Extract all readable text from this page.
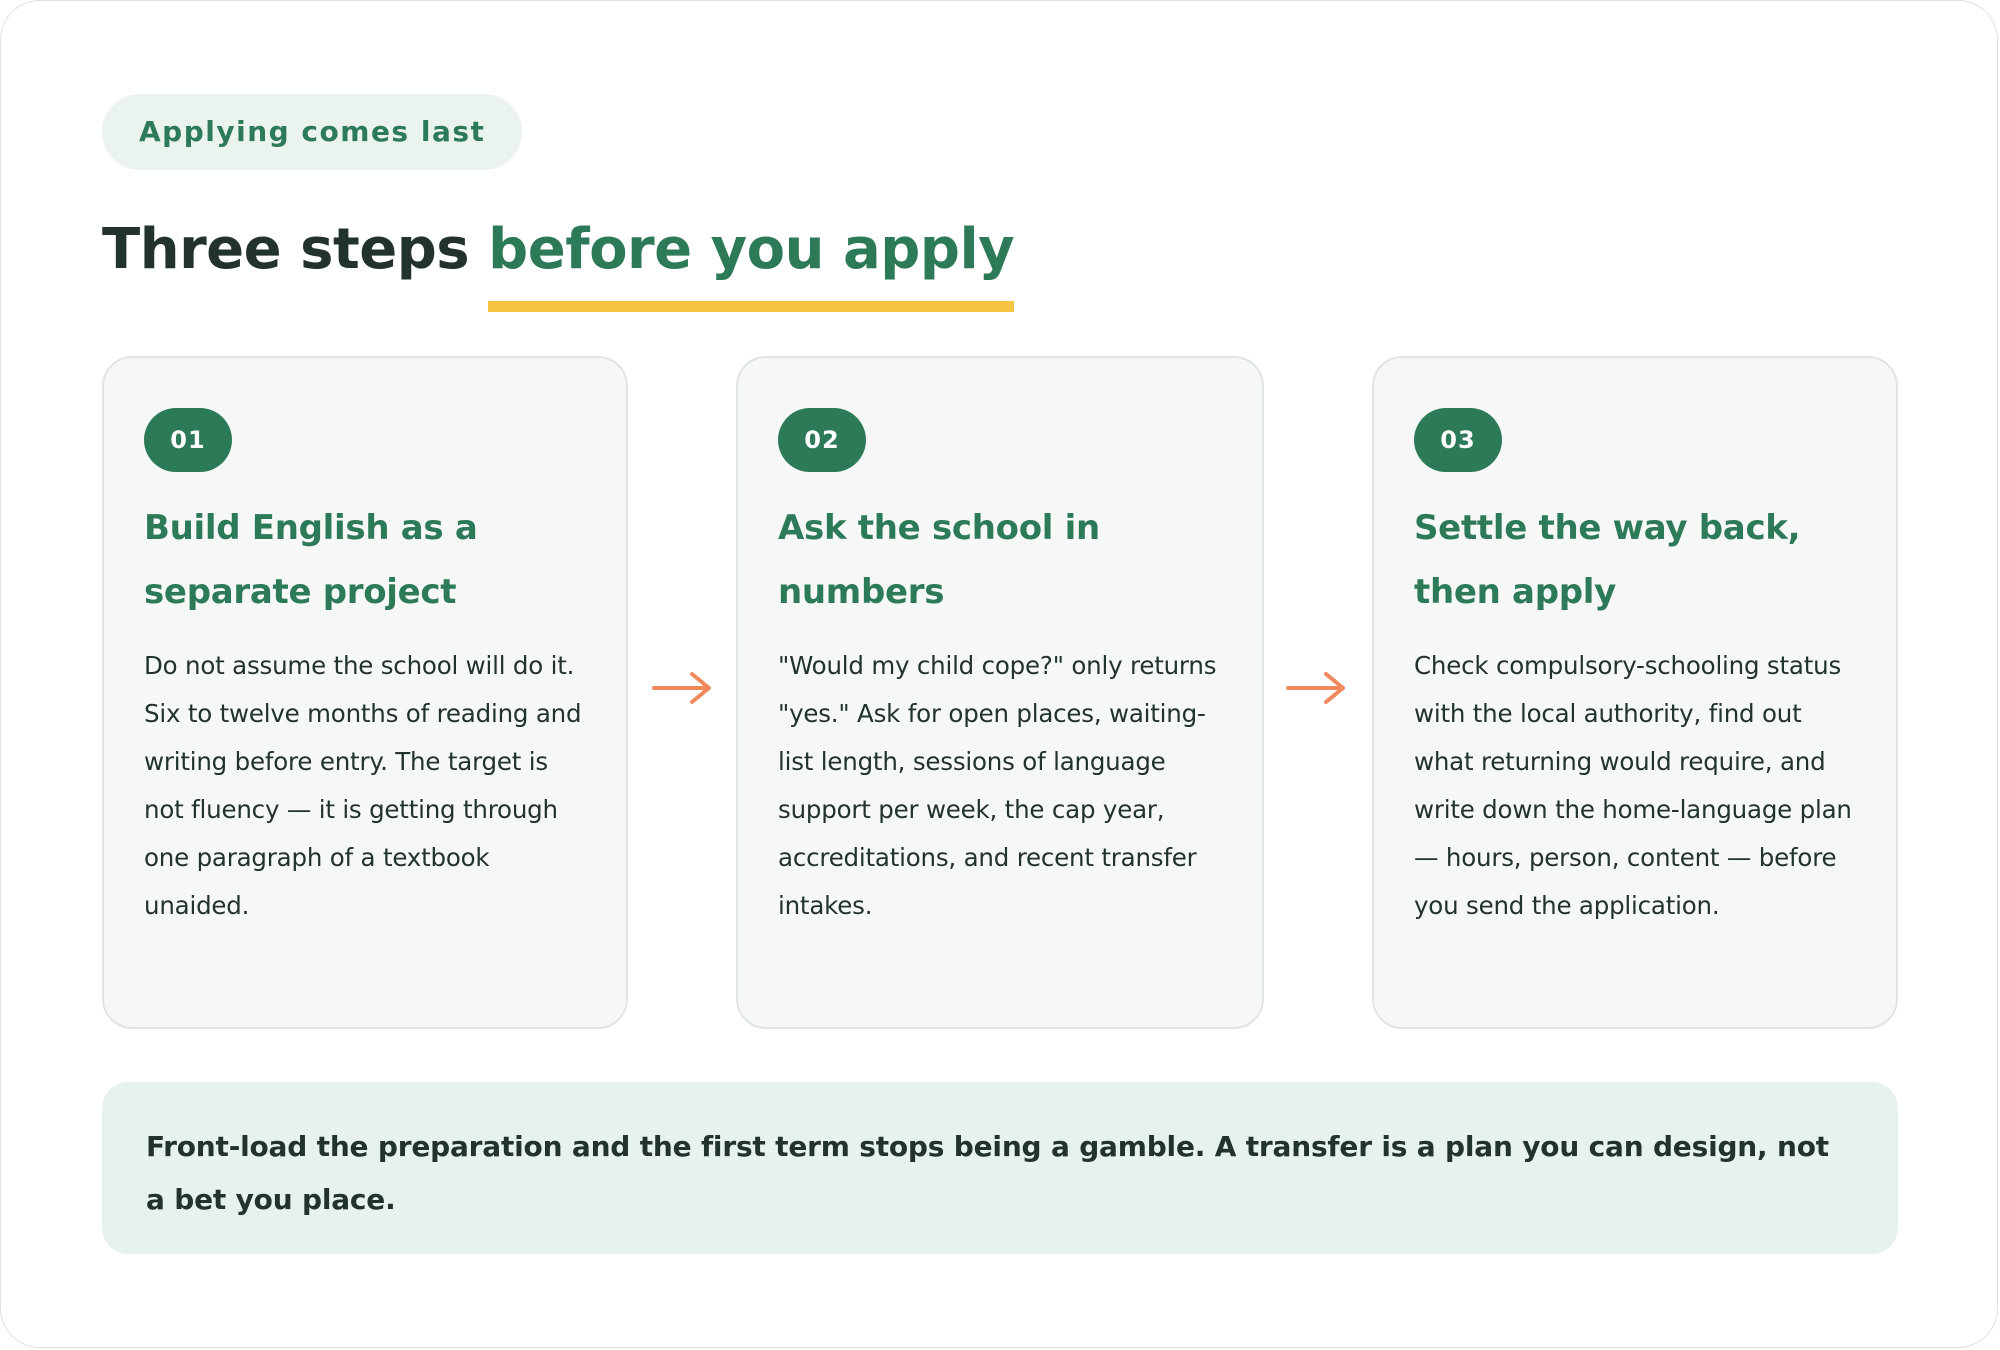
Applying comes last
Three steps before you apply
01
Build English as a
separate project

Do not assume the school will do it. Six to twelve months of reading and writing before entry. The target is not fluency — it is getting through one paragraph of a textbook unaided.

02
Ask the school in
numbers

"Would my child cope?" only returns "yes." Ask for open places, waiting-list length, sessions of language support per week, the cap year, accreditations, and recent transfer intakes.

03
Settle the way back,
then apply

Check compulsory-schooling status with the local authority, find out what returning would require, and write down the home-language plan — hours, person, content — before you send the application.

Front-load the preparation and the first term stops being a gamble. A transfer is a plan you can design, not a bet you place.
